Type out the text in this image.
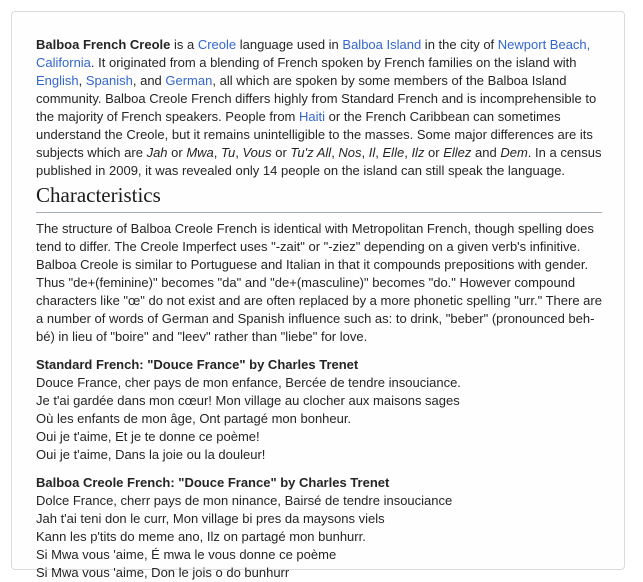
Balboa French Creole is a Creole language used in Balboa Island in the city of Newport Beach, California. It originated from a blending of French spoken by French families on the island with English, Spanish, and German, all which are spoken by some members of the Balboa Island community. Balboa Creole French differs highly from Standard French and is incomprehensible to the majority of French speakers. People from Haiti or the French Caribbean can sometimes understand the Creole, but it remains unintelligible to the masses. Some major differences are its subjects which are Jah or Mwa, Tu, Vous or Tu'z All, Nos, Il, Elle, Ilz or Ellez and Dem. In a census published in 2009, it was revealed only 14 people on the island can still speak the language.

Characteristics

The structure of Balboa Creole French is identical with Metropolitan French, though spelling does tend to differ. The Creole Imperfect uses "-zait" or "-ziez" depending on a given verb's infinitive. Balboa Creole is similar to Portuguese and Italian in that it compounds prepositions with gender. Thus "de+(feminine)" becomes "da" and "de+(masculine)" becomes "do." However compound characters like "œ" do not exist and are often replaced by a more phonetic spelling "urr." There are a number of words of German and Spanish influence such as: to drink, "beber" (pronounced beh-bé) in lieu of "boire" and "leev" rather than "liebe" for love.

Standard French: "Douce France" by Charles Trenet
Douce France, cher pays de mon enfance, Bercée de tendre insouciance.
Je t'ai gardée dans mon cœur! Mon village au clocher aux maisons sages
Où les enfants de mon âge, Ont partagé mon bonheur.
Oui je t'aime, Et je te donne ce poème!
Oui je t'aime, Dans la joie ou la douleur!
Balboa Creole French: "Douce France" by Charles Trenet
Dolce France, cherr pays de mon ninance, Bairsé de tendre insouciance
Jah t'ai teni don le curr, Mon village bi pres da maysons viels
Kann les p'tits do meme ano, Ilz on partagé mon bunhurr.
Si Mwa vous 'aime, É mwa le vous donne ce poème
Si Mwa vous 'aime, Don le jois o do bunhurr
